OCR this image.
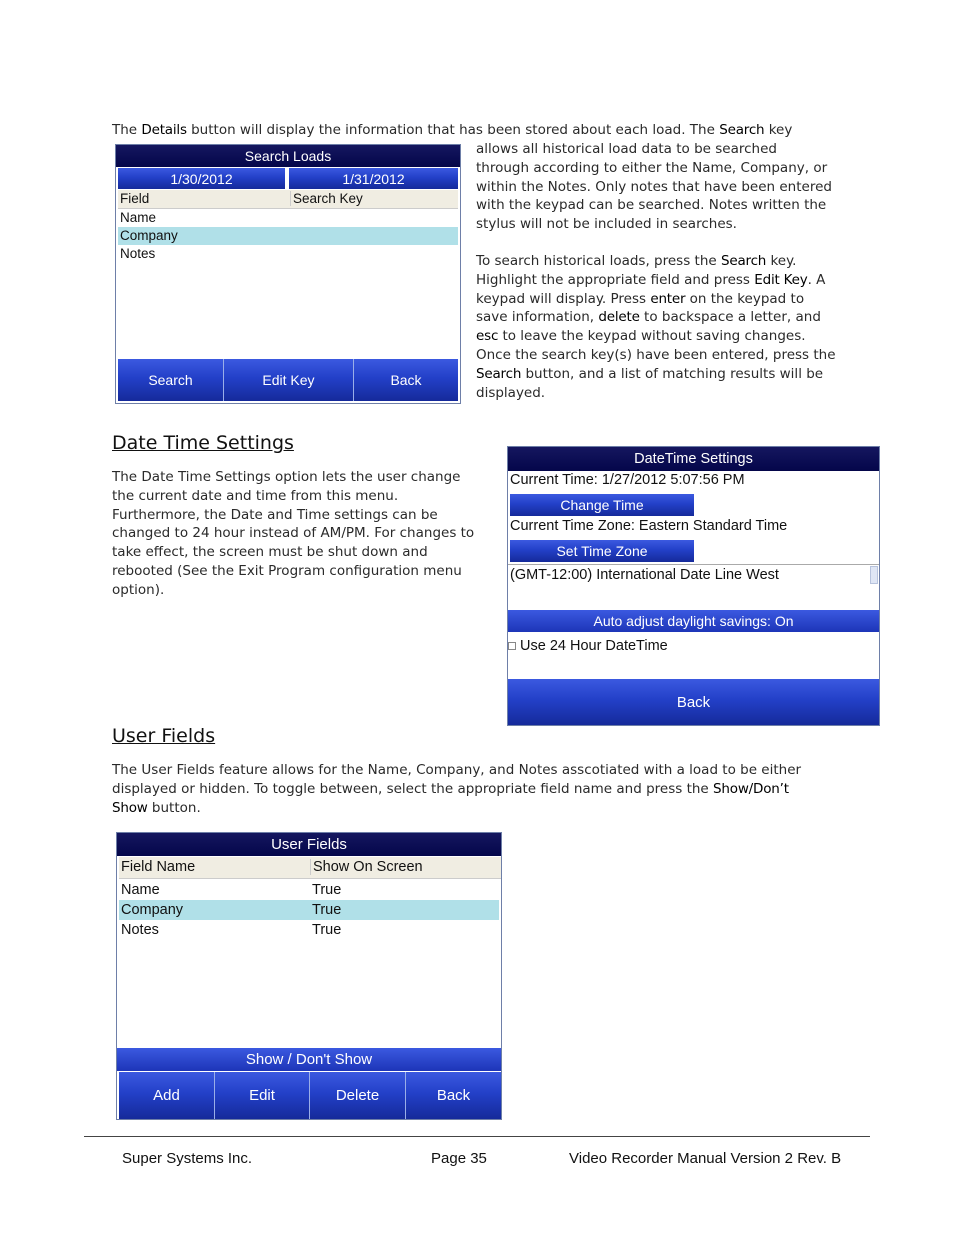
The Details button will display the information that has been stored about each load. The Search key
allows all historical load data to be searched
through according to either the Name, Company, or
within the Notes. Only notes that have been entered
with the keypad can be searched. Notes written the
stylus will not be included in searches.
To search historical loads, press the Search key.
Highlight the appropriate field and press Edit Key. A
keypad will display. Press enter on the keypad to
save information, delete to backspace a letter, and
esc to leave the keypad without saving changes.
Once the search key(s) have been entered, press the
Search button, and a list of matching results will be
displayed.
Search Loads
1/30/2012	1/31/2012
Field	Search Key
Name
Company
Notes
Search	Edit Key	Back
Date Time Settings
The Date Time Settings option lets the user change
the current date and time from this menu.
Furthermore, the Date and Time settings can be
changed to 24 hour instead of AM/PM. For changes to
take effect, the screen must be shut down and
rebooted (See the Exit Program configuration menu
option).
DateTime Settings
Current Time: 1/27/2012 5:07:56 PM
Change Time
Current Time Zone: Eastern Standard Time
Set Time Zone
(GMT-12:00) International Date Line West
Auto adjust daylight savings: On
Use 24 Hour DateTime
Back
User Fields
The User Fields feature allows for the Name, Company, and Notes asscotiated with a load to be either
displayed or hidden. To toggle between, select the appropriate field name and press the Show/Don’t
Show button.
User Fields
Field Name	Show On Screen
Name	True
Company	True
Notes	True
Show / Don't Show
Add	Edit	Delete	Back
Super Systems Inc.	Page 35	Video Recorder Manual Version 2 Rev. B
